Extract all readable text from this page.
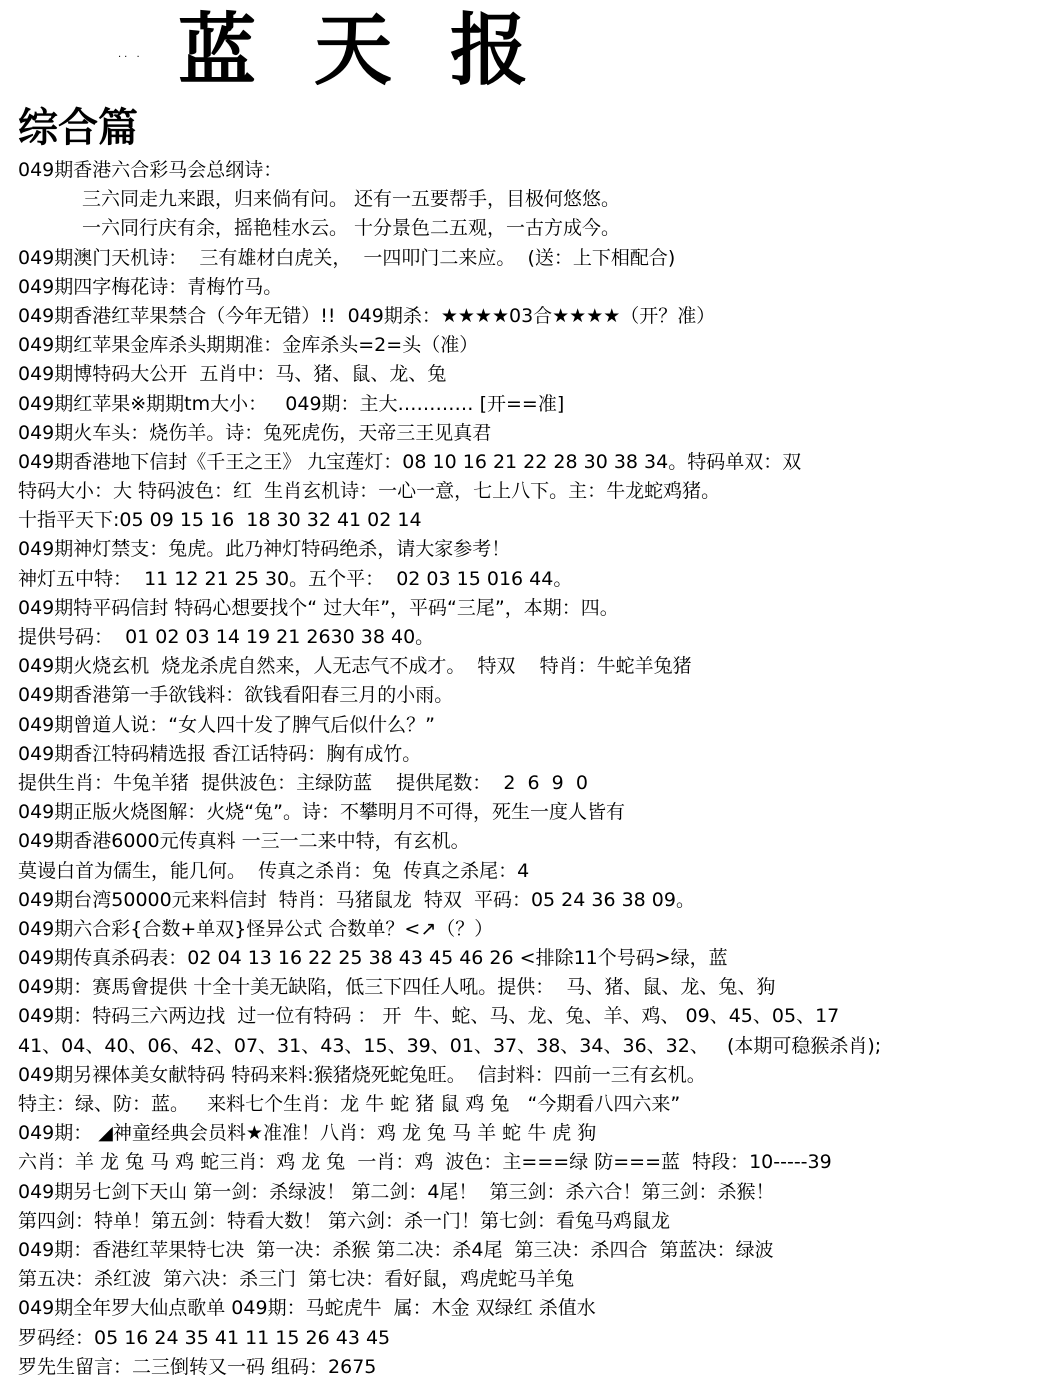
·· · 蓝天报
综合篇
049期香港六合彩马会总纲诗：
三六同走九来跟，归来倘有问。 还有一五要帮手，目极何悠悠。
一六同行庆有余，摇艳桂水云。 十分景色二五观，一古方成今。
049期澳门天机诗：  三有雄材白虎关，  一四叩门二来应。  (送：上下相配合)
049期四字梅花诗：青梅竹马。
049期香港红苹果禁合（今年无错）!!  049期杀：★★★★03合★★★★（开？准）
049期红苹果金库杀头期期准：金库杀头=2=头（准）
049期博特码大公开  五肖中：马、猪、鼠、龙、兔
049期红苹果※期期tm大小：   049期：主大………… [开==准]
049期火车头：烧伤羊。诗：兔死虎伤，天帝三王见真君
049期香港地下信封《千王之王》 九宝莲灯：08 10 16 21 22 28 30 38 34。特码单双：双
特码大小：大 特码波色：红  生肖玄机诗：一心一意，七上八下。主：牛龙蛇鸡猪。
十指平天下:05 09 15 16  18 30 32 41 02 14
049期神灯禁支：兔虎。此乃神灯特码绝杀，请大家参考！
神灯五中特：  11 12 21 25 30。五个平：  02 03 15 016 44。
049期特平码信封 特码心想要找个“ 过大年”，平码“三尾”，本期：四。
提供号码：  01 02 03 14 19 21 2630 38 40。
049期火烧玄机  烧龙杀虎自然来，人无志气不成才。  特双    特肖：牛蛇羊兔猪
049期香港第一手欲钱料：欲钱看阳春三月的小雨。
049期曾道人说：“女人四十发了脾气后似什么？”
049期香江特码精选报 香江话特码：胸有成竹。
提供生肖：牛兔羊猪  提供波色：主绿防蓝    提供尾数：  2  6  9  0
049期正版火烧图解：火烧“兔”。诗：不攀明月不可得，死生一度人皆有
049期香港6000元传真料 一三一二来中特，有玄机。
莫谩白首为儒生，能几何。  传真之杀肖：兔  传真之杀尾：4
049期台湾50000元来料信封  特肖：马猪鼠龙  特双  平码：05 24 36 38 09。
049期六合彩{合数+单双}怪异公式 合数单？<↗（？）
049期传真杀码表：02 04 13 16 22 25 38 43 45 46 26 <排除11个号码>绿，蓝
049期：赛馬會提供 十全十美无缺陷，低三下四任人吼。提供：  马、猪、鼠、龙、兔、狗
049期：特码三六两边找  过一位有特码 ： 开  牛、蛇、马、龙、兔、羊、鸡、 09、45、05、17
41、04、40、06、42、07、31、43、15、39、01、37、38、34、36、32、   (本期可稳猴杀肖);
049期另裸体美女献特码 特码来料:猴猪烧死蛇兔旺。  信封料：四前一三有玄机。
特主：绿、防：蓝。   来料七个生肖：龙 牛 蛇 猪 鼠 鸡 兔   “今期看八四六来”
049期： ◢神童经典会员料★准准！八肖：鸡 龙 兔 马 羊 蛇 牛 虎 狗
六肖：羊 龙 兔 马 鸡 蛇三肖：鸡 龙 兔  一肖：鸡  波色：主===绿 防===蓝  特段：10-----39
049期另七剑下天山 第一剑：杀绿波！ 第二剑：4尾！  第三剑：杀六合！第三剑：杀猴！
第四剑：特单！第五剑：特看大数！ 第六剑：杀一门！第七剑：看兔马鸡鼠龙
049期：香港红苹果特七决  第一决：杀猴 第二决：杀4尾  第三决：杀四合  第蓝决：绿波
第五决：杀红波  第六决：杀三门  第七决：看好鼠，鸡虎蛇马羊兔
049期全年罗大仙点歌单 049期：马蛇虎牛  属：木金 双绿红 杀值水
罗码经：05 16 24 35 41 11 15 26 43 45
罗先生留言：二三倒转又一码 组码：2675
